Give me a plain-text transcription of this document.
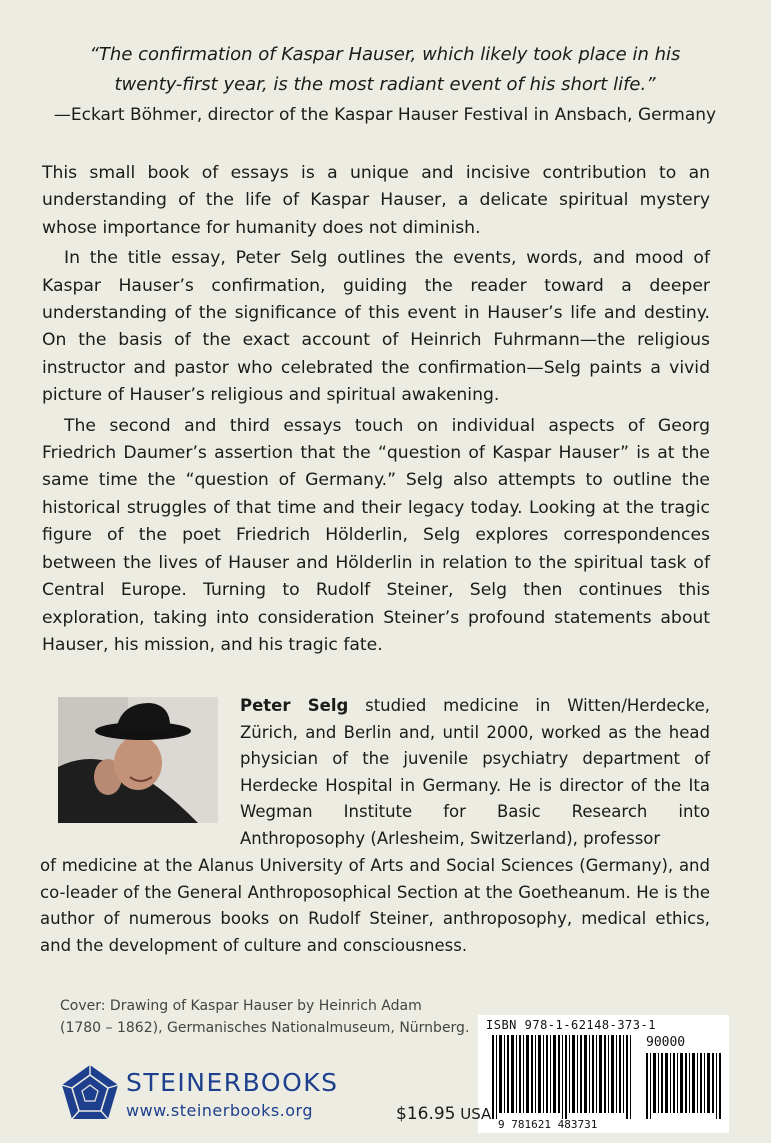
“The confirmation of Kaspar Hauser, which likely took place in his
twenty-first year, is the most radiant event of his short life.”
—Eckart Böhmer, director of the Kaspar Hauser Festival in Ansbach, Germany

This small book of essays is a unique and incisive contribution to an understanding of the life of Kaspar Hauser, a delicate spiritual mystery whose importance for humanity does not diminish.

In the title essay, Peter Selg outlines the events, words, and mood of Kaspar Hauser’s confirmation, guiding the reader toward a deeper understanding of the significance of this event in Hauser’s life and destiny. On the basis of the exact account of Heinrich Fuhrmann—the religious instructor and pastor who celebrated the confirmation—Selg paints a vivid picture of Hauser’s religious and spiritual awakening.

The second and third essays touch on individual aspects of Georg Friedrich Daumer’s assertion that the “question of Kaspar Hauser” is at the same time the “question of Germany.” Selg also attempts to outline the historical struggles of that time and their legacy today. Looking at the tragic figure of the poet Friedrich Hölderlin, Selg explores correspondences between the lives of Hauser and Hölderlin in relation to the spiritual task of Central Europe. Turning to Rudolf Steiner, Selg then continues this exploration, taking into consideration Steiner’s profound statements about Hauser, his mission, and his tragic fate.

Peter Selg studied medicine in Witten/Herdecke, Zürich, and Berlin and, until 2000, worked as the head physician of the juvenile psychiatry department of Herdecke Hospital in Germany. He is director of the Ita Wegman Institute for Basic Research into Anthroposophy (Arlesheim, Switzerland), professor
of medicine at the Alanus University of Arts and Social Sciences (Germany), and co-leader of the General Anthroposophical Section at the Goetheanum. He is the author of numerous books on Rudolf Steiner, anthroposophy, medical ethics, and the development of culture and consciousness.
Cover: Drawing of Kaspar Hauser by Heinrich Adam
(1780 – 1862), Germanisches Nationalmuseum, Nürnberg.	ISBN 978-1-62148-373-1
90000
9 781621 483731
STEINERBOOKS
www.steinerbooks.org	$16.95 USA
